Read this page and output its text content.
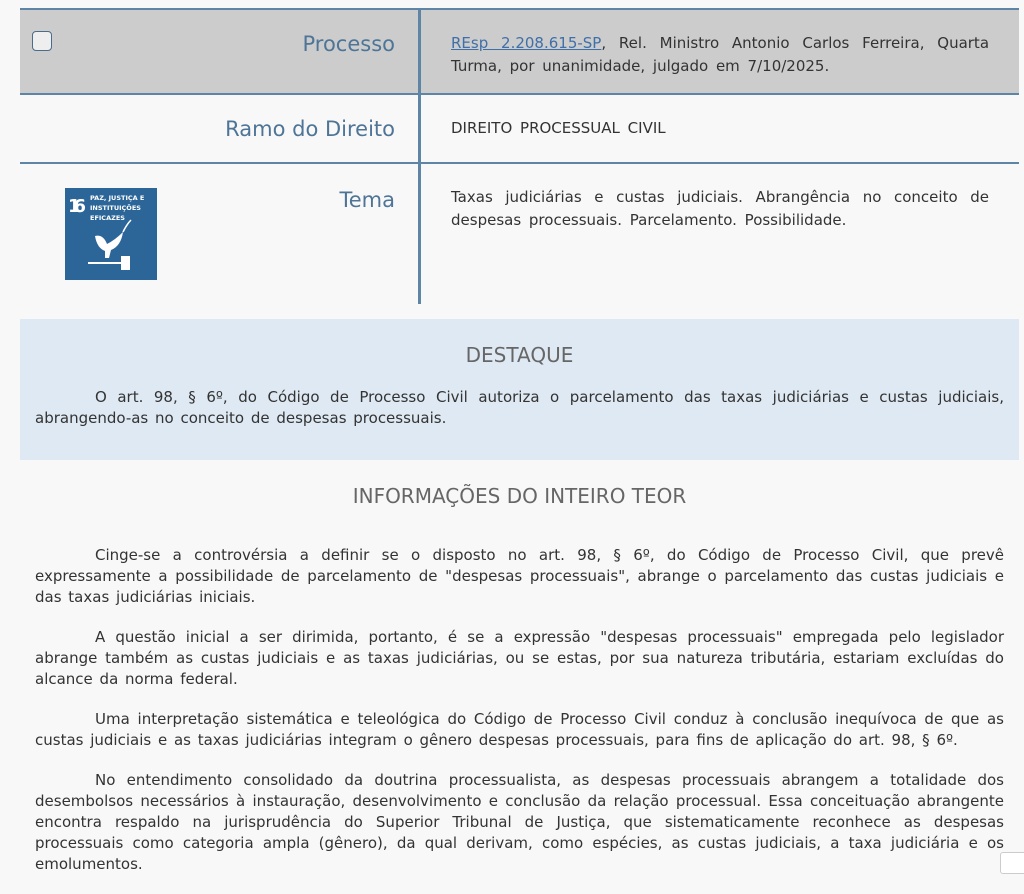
Processo	REsp 2.208.615-SP, Rel. Ministro Antonio Carlos Ferreira, Quarta Turma, por unanimidade, julgado em 7/10/2025.
Ramo do Direito	DIREITO PROCESSUAL CIVIL
16 PAZ, JUSTIÇA E
INSTITUIÇÕES
EFICAZES
Tema	Taxas judiciárias e custas judiciais. Abrangência no conceito de despesas processuais. Parcelamento. Possibilidade.
DESTAQUE

O art. 98, § 6º, do Código de Processo Civil autoriza o parcelamento das taxas judiciárias e custas judiciais, abrangendo-as no conceito de despesas processuais.

INFORMAÇÕES DO INTEIRO TEOR

Cinge-se a controvérsia a definir se o disposto no art. 98, § 6º, do Código de Processo Civil, que prevê expressamente a possibilidade de parcelamento de "despesas processuais", abrange o parcelamento das custas judiciais e das taxas judiciárias iniciais.

A questão inicial a ser dirimida, portanto, é se a expressão "despesas processuais" empregada pelo legislador abrange também as custas judiciais e as taxas judiciárias, ou se estas, por sua natureza tributária, estariam excluídas do alcance da norma federal.

Uma interpretação sistemática e teleológica do Código de Processo Civil conduz à conclusão inequívoca de que as custas judiciais e as taxas judiciárias integram o gênero despesas processuais, para fins de aplicação do art. 98, § 6º.

No entendimento consolidado da doutrina processualista, as despesas processuais abrangem a totalidade dos desembolsos necessários à instauração, desenvolvimento e conclusão da relação processual. Essa conceituação abrangente encontra respaldo na jurisprudência do Superior Tribunal de Justiça, que sistematicamente reconhece as despesas processuais como categoria ampla (gênero), da qual derivam, como espécies, as custas judiciais, a taxa judiciária e os emolumentos.
